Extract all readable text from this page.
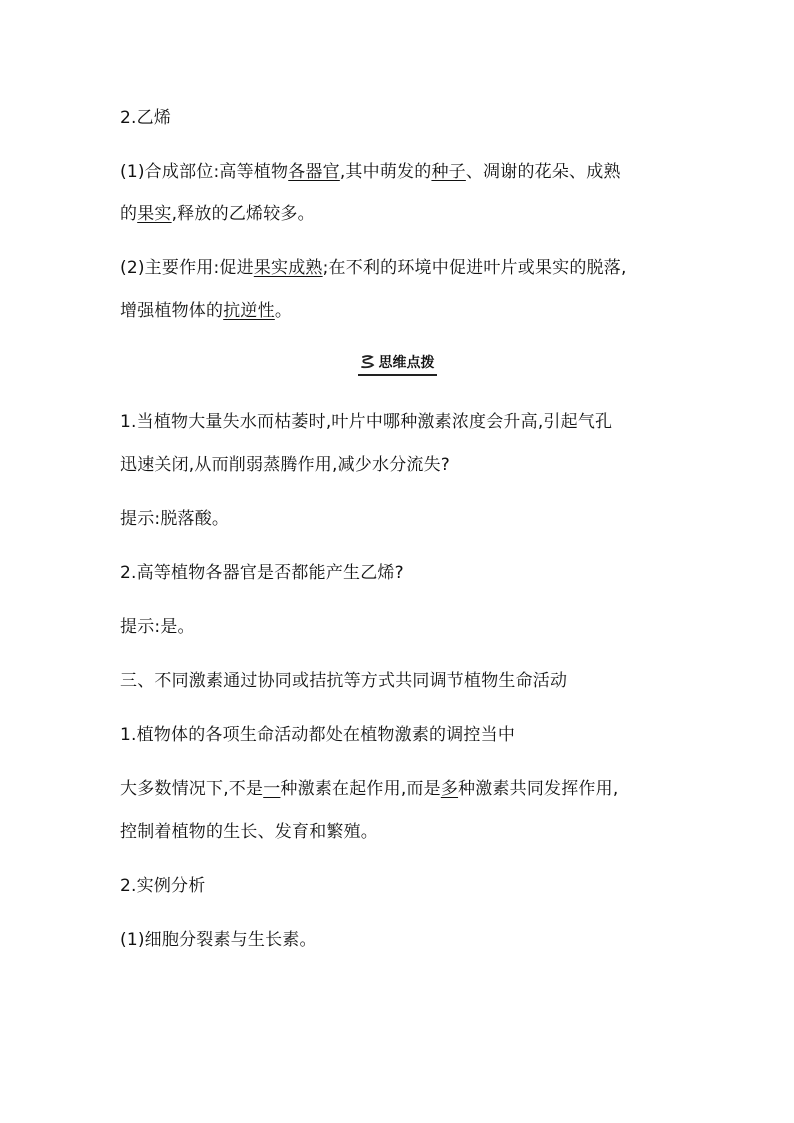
2.乙烯
(1)合成部位:高等植物各器官,其中萌发的种子、凋谢的花朵、成熟
的果实,释放的乙烯较多。
(2)主要作用:促进果实成熟;在不利的环境中促进叶片或果实的脱落,
增强植物体的抗逆性。
思维点拨
1.当植物大量失水而枯萎时,叶片中哪种激素浓度会升高,引起气孔
迅速关闭,从而削弱蒸腾作用,减少水分流失?
提示:脱落酸。
2.高等植物各器官是否都能产生乙烯?
提示:是。
三、不同激素通过协同或拮抗等方式共同调节植物生命活动
1.植物体的各项生命活动都处在植物激素的调控当中
大多数情况下,不是一种激素在起作用,而是多种激素共同发挥作用,
控制着植物的生长、发育和繁殖。
2.实例分析
(1)细胞分裂素与生长素。
